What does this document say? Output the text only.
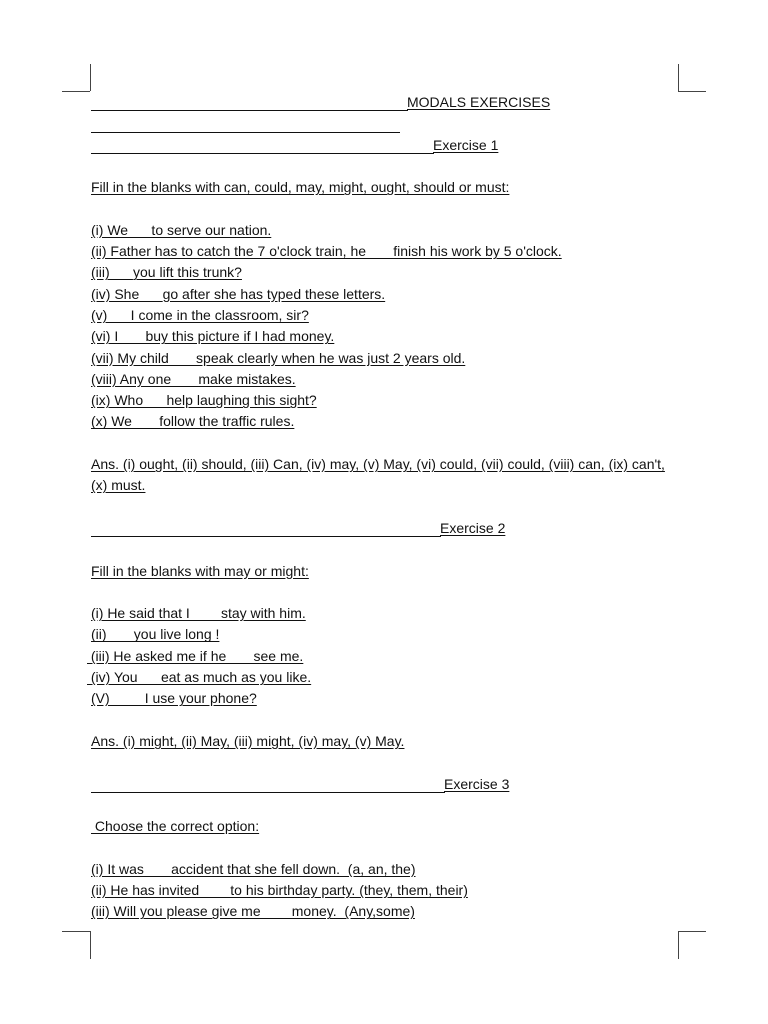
MODALS EXERCISES
Exercise 1
Fill in the blanks with can, could, may, might, ought, should or must:
(i) We___to serve our nation.
(ii) Father has to catch the 7 o'clock train, he___ finish his work by 5 o'clock.
(iii)___you lift this trunk?
(iv) She___go after she has typed these letters.
(v)___I come in the classroom, sir?
(vi) I___ buy this picture if I had money.
(vii) My child___ speak clearly when he was just 2 years old.
(viii) Any one___ make mistakes.
(ix) Who___help laughing this sight?
(x) We___ follow the traffic rules.
Ans. (i) ought, (ii) should, (iii) Can, (iv) may, (v) May, (vi) could, (vii) could, (viii) can, (ix) can't, (x) must.
Exercise 2
Fill in the blanks with may or might:
(i) He said that I____stay with him.
(ii) ___you live long !
(iii) He asked me if he___ see me.
(iv) You___eat as much as you like.
(V)____ I use your phone?
Ans. (i) might, (ii) May, (iii) might, (iv) may, (v) May.
Exercise 3
Choose the correct option:
(i) It was___ accident that she fell down.  (a, an, the)
(ii) He has invited____to his birthday party. (they, them, their)
(iii) Will you please give me____money.  (Any,some)
